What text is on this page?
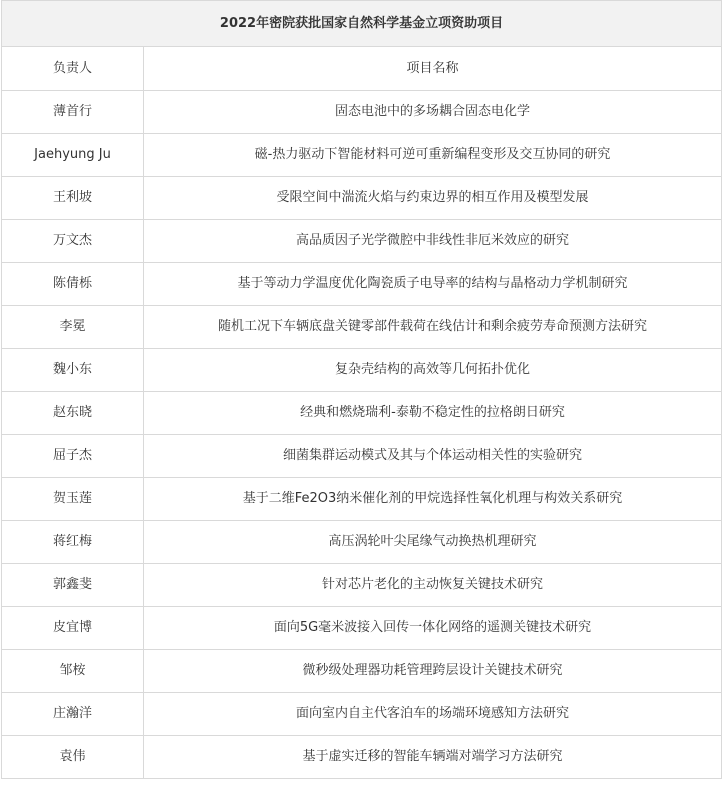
2022年密院获批国家自然科学基金立项资助项目	
负责人	项目名称
薄首行	固态电池中的多场耦合固态电化学
Jaehyung Ju	磁-热力驱动下智能材料可逆可重新编程变形及交互协同的研究
王利坡	受限空间中湍流火焰与约束边界的相互作用及模型发展
万文杰	高品质因子光学微腔中非线性非厄米效应的研究
陈倩栎	基于等动力学温度优化陶瓷质子电导率的结构与晶格动力学机制研究
李冕	随机工况下车辆底盘关键零部件载荷在线估计和剩余疲劳寿命预测方法研究
魏小东	复杂壳结构的高效等几何拓扑优化
赵东晓	经典和燃烧瑞利-泰勒不稳定性的拉格朗日研究
屈子杰	细菌集群运动模式及其与个体运动相关性的实验研究
贺玉莲	基于二维Fe2O3纳米催化剂的甲烷选择性氧化机理与构效关系研究
蒋红梅	高压涡轮叶尖尾缘气动换热机理研究
郭鑫斐	针对芯片老化的主动恢复关键技术研究
皮宜博	面向5G毫米波接入回传一体化网络的遥测关键技术研究
邹桉	微秒级处理器功耗管理跨层设计关键技术研究
庄瀚洋	面向室内自主代客泊车的场端环境感知方法研究
袁伟	基于虚实迁移的智能车辆端对端学习方法研究
